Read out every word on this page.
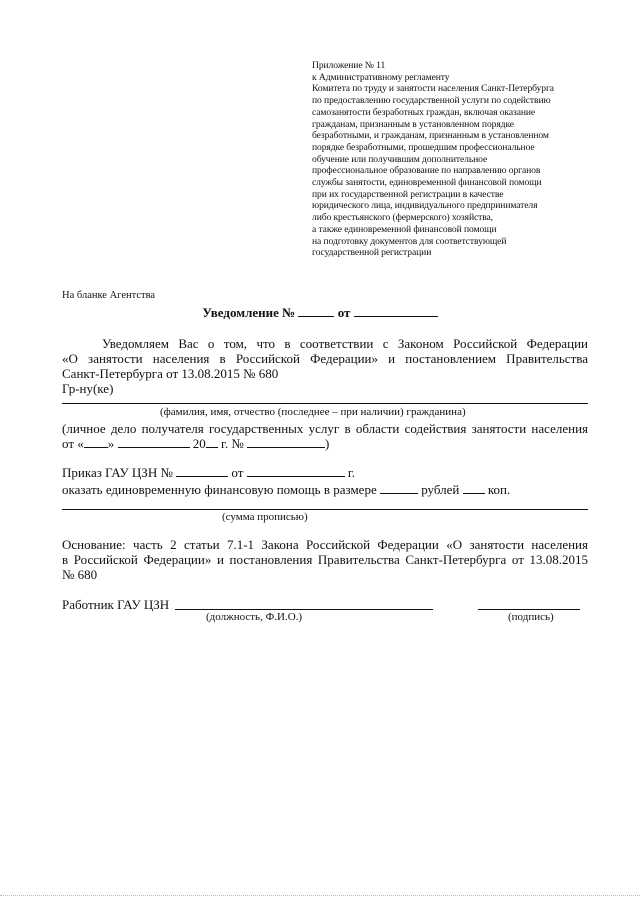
Приложение № 11
к Административному регламенту
Комитета по труду и занятости населения Санкт-Петербурга
по предоставлению государственной услуги по содействию
самозанятости безработных граждан, включая оказание
гражданам, признанным в установленном порядке
безработными, и гражданам, признанным в установленном
порядке безработными, прошедшим профессиональное
обучение или получившим дополнительное
профессиональное образование по направлению органов
службы занятости, единовременной финансовой помощи
при их государственной регистрации в качестве
юридического лица, индивидуального предпринимателя
либо крестьянского (фермерского) хозяйства,
а также единовременной финансовой помощи
на подготовку документов для соответствующей
государственной регистрации
На бланке Агентства
Уведомление №	от
Уведомляем Вас о том, что в соответствии с Законом Российской Федерации
«О занятости населения в Российской Федерации» и постановлением Правительства
Санкт-Петербурга от 13.08.2015 № 680
Гр-ну(ке)
(фамилия, имя, отчество (последнее – при наличии) гражданина)
(личное дело получателя государственных услуг в области содействия занятости населения
от « »	20 г. №	)
Приказ ГАУ ЦЗН №	от	г.
оказать единовременную финансовую помощь в размере	рублей коп.
(сумма прописью)
Основание: часть 2 статьи 7.1-1 Закона Российской Федерации «О занятости населения
в Российской Федерации» и постановления Правительства Санкт-Петербурга от 13.08.2015
№ 680
Работник ГАУ ЦЗН
(должность, Ф.И.О.)	(подпись)
